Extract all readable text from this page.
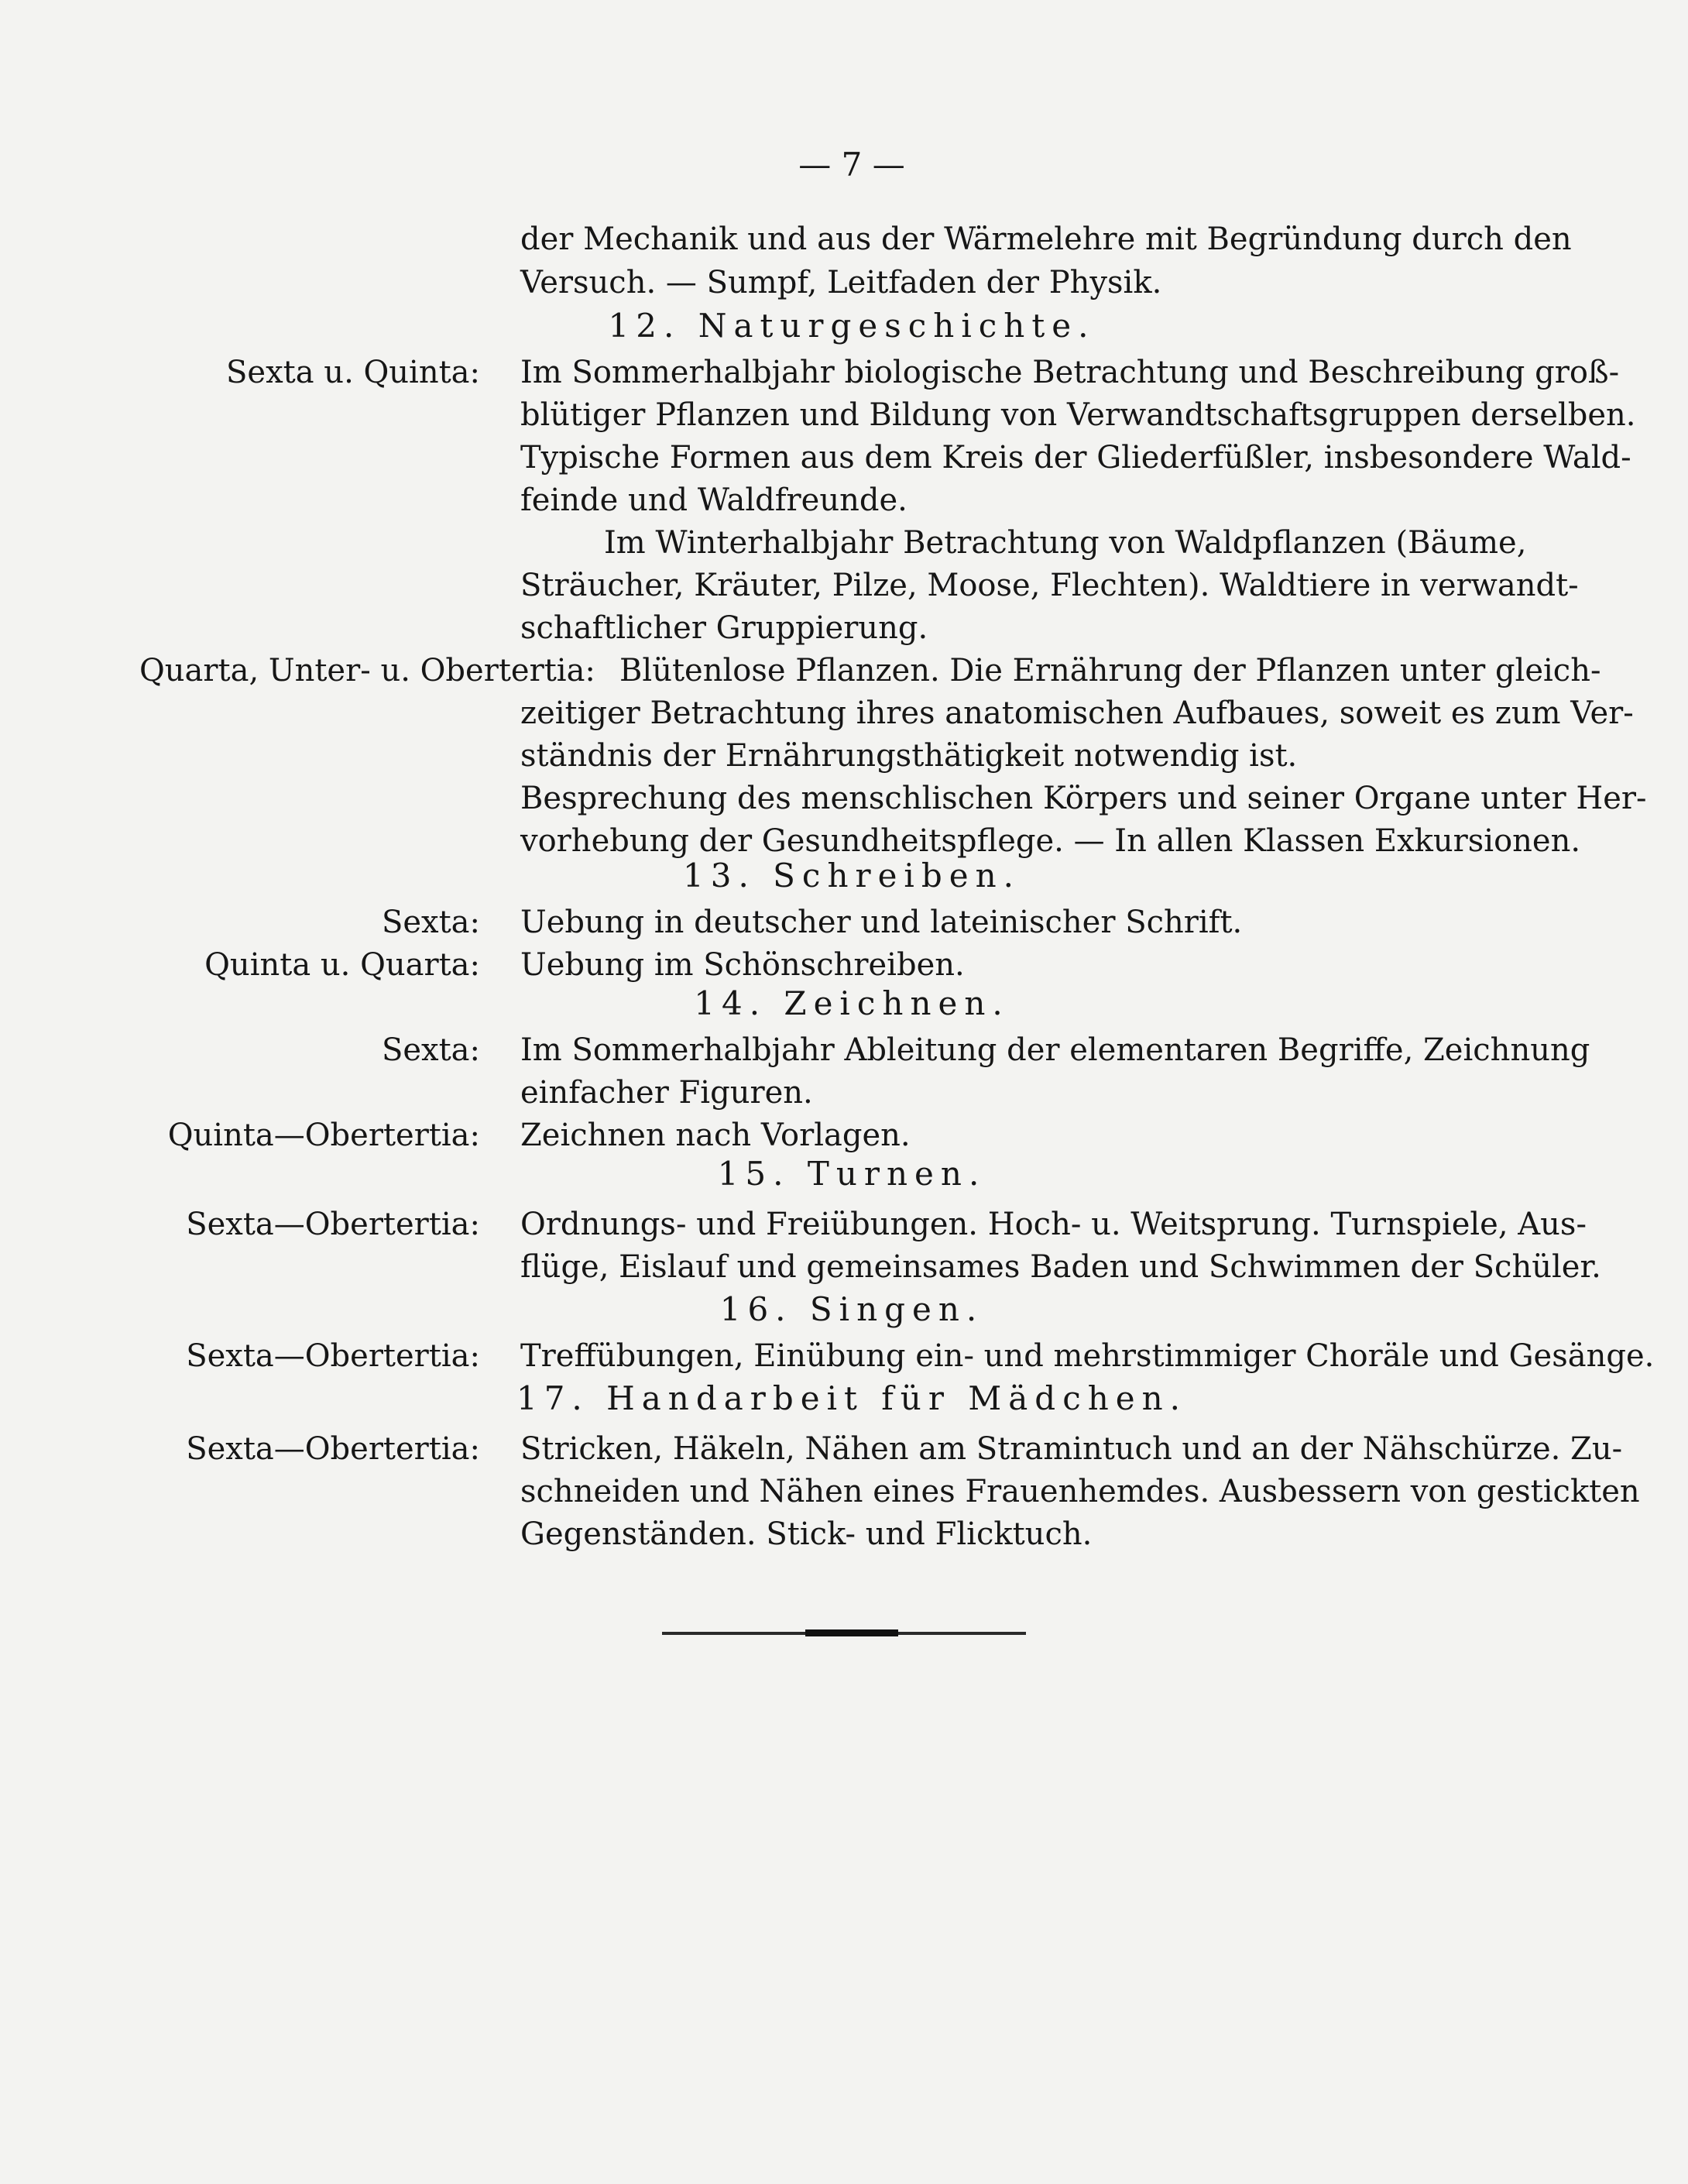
— 7 —
der Mechanik und aus der Wärmelehre mit Begründung durch den
Versuch. — Sumpf, Leitfaden der Physik.
12. Naturgeschichte.
Sexta u. Quinta: Im Sommerhalbjahr biologische Betrachtung und Beschreibung groß-
blütiger Pflanzen und Bildung von Verwandtschaftsgruppen derselben.
Typische Formen aus dem Kreis der Gliederfüßler, insbesondere Wald-
feinde und Waldfreunde.
Im Winterhalbjahr Betrachtung von Waldpflanzen (Bäume,
Sträucher, Kräuter, Pilze, Moose, Flechten). Waldtiere in verwandt-
schaftlicher Gruppierung.
Quarta, Unter- u. Obertertia: Blütenlose Pflanzen. Die Ernährung der Pflanzen unter gleich-
zeitiger Betrachtung ihres anatomischen Aufbaues, soweit es zum Ver-
ständnis der Ernährungsthätigkeit notwendig ist.
Besprechung des menschlischen Körpers und seiner Organe unter Her-
vorhebung der Gesundheitspflege. — In allen Klassen Exkursionen.
13. Schreiben.
Sexta: Uebung in deutscher und lateinischer Schrift.
Quinta u. Quarta: Uebung im Schönschreiben.
14. Zeichnen.
Sexta: Im Sommerhalbjahr Ableitung der elementaren Begriffe, Zeichnung
einfacher Figuren.
Quinta—Obertertia: Zeichnen nach Vorlagen.
15. Turnen.
Sexta—Obertertia: Ordnungs- und Freiübungen. Hoch- u. Weitsprung. Turnspiele, Aus-
flüge, Eislauf und gemeinsames Baden und Schwimmen der Schüler.
16. Singen.
Sexta—Obertertia: Treffübungen, Einübung ein- und mehrstimmiger Choräle und Gesänge.
17. Handarbeit für Mädchen.
Sexta—Obertertia: Stricken, Häkeln, Nähen am Stramintuch und an der Nähschürze. Zu-
schneiden und Nähen eines Frauenhemdes. Ausbessern von gestickten
Gegenständen. Stick- und Flicktuch.
